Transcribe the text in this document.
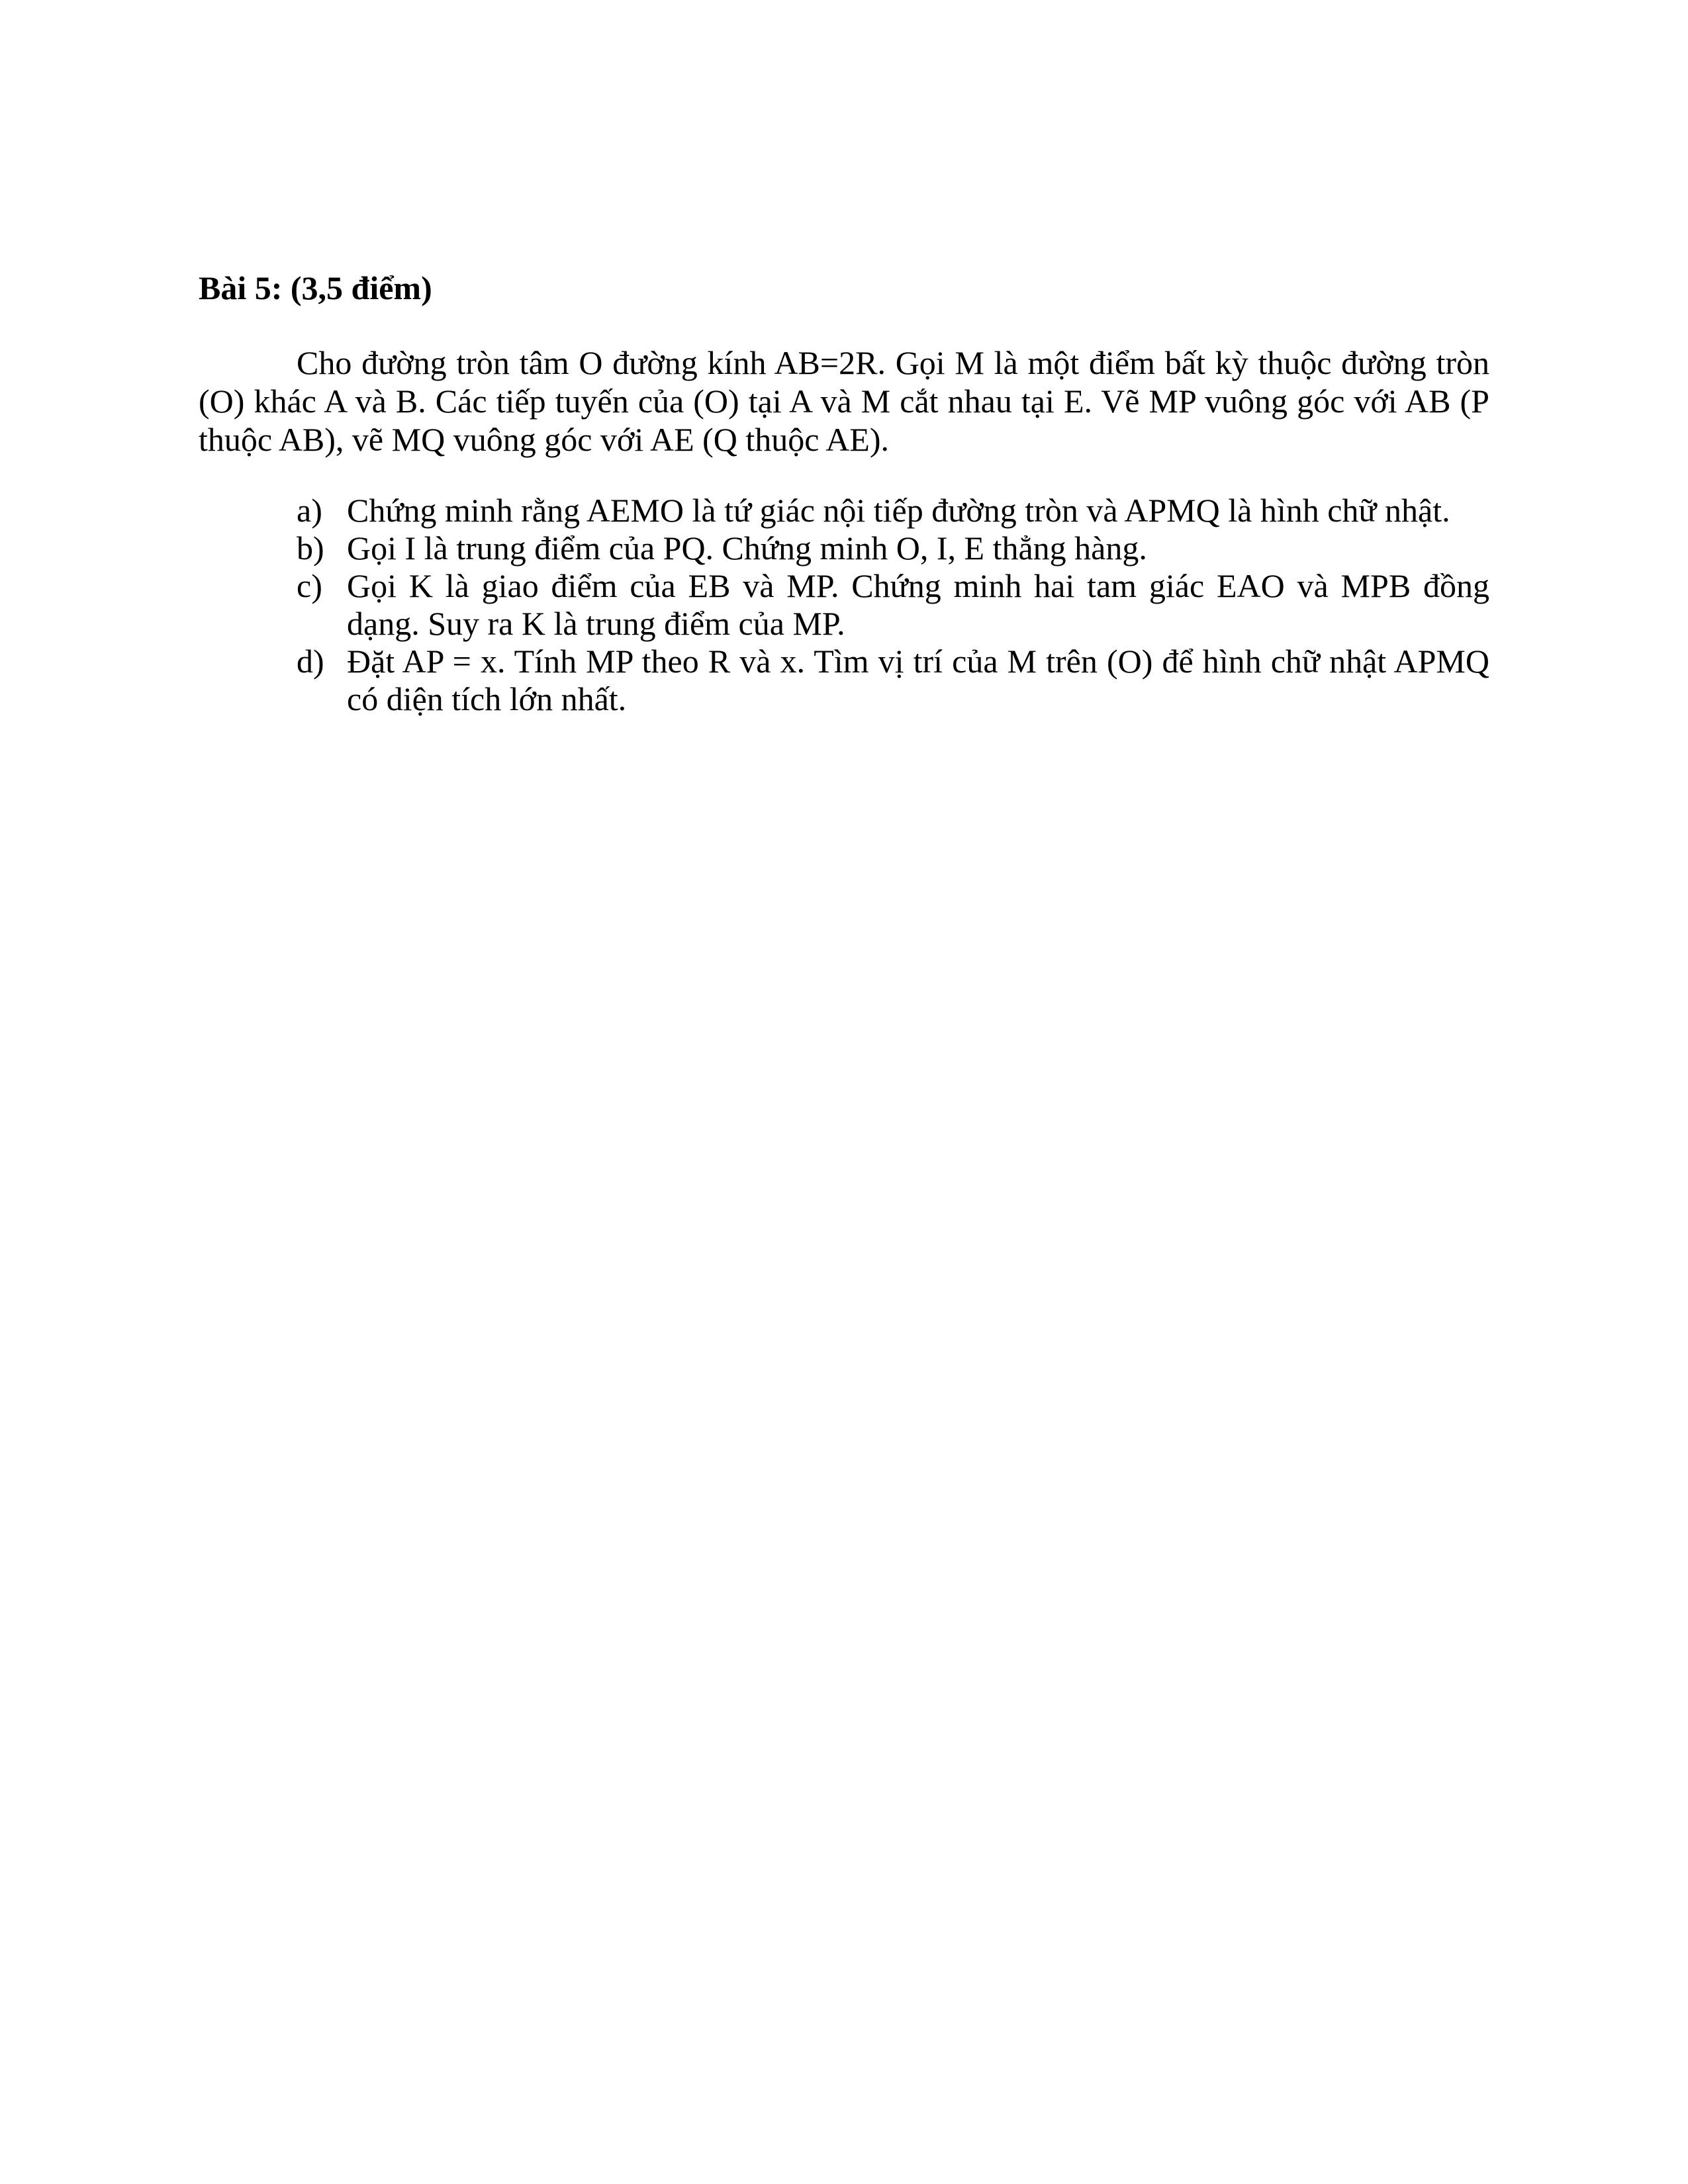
Bài 5: (3,5 điểm)

Cho đường tròn tâm O đường kính AB=2R. Gọi M là một điểm bất kỳ thuộc đường tròn (O) khác A và B. Các tiếp tuyến của (O) tại A và M cắt nhau tại E. Vẽ MP vuông góc với AB (P thuộc AB), vẽ MQ vuông góc với AE (Q thuộc AE).

a) Chứng minh rằng AEMO là tứ giác nội tiếp đường tròn và APMQ là hình chữ nhật.
b) Gọi I là trung điểm của PQ. Chứng minh O, I, E thẳng hàng.
c) Gọi K là giao điểm của EB và MP. Chứng minh hai tam giác EAO và MPB đồng dạng. Suy ra K là trung điểm của MP.
d) Đặt AP = x. Tính MP theo R và x. Tìm vị trí của M trên (O) để hình chữ nhật APMQ có diện tích lớn nhất.
